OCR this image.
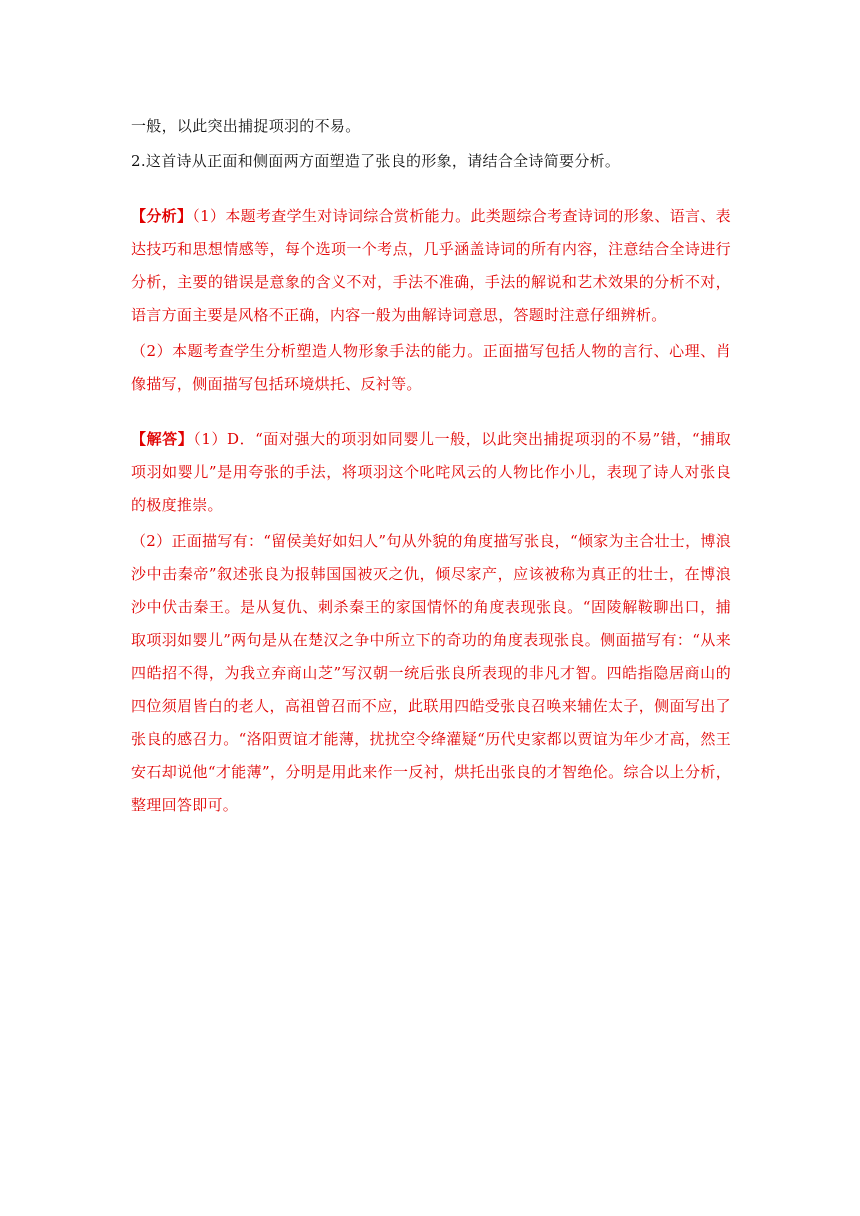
一般，以此突出捕捉项羽的不易。

2.这首诗从正面和侧面两方面塑造了张良的形象，请结合全诗简要分析。

【分析】（1）本题考查学生对诗词综合赏析能力。此类题综合考查诗词的形象、语言、表达技巧和思想情感等，每个选项一个考点，几乎涵盖诗词的所有内容，注意结合全诗进行分析，主要的错误是意象的含义不对，手法不准确，手法的解说和艺术效果的分析不对，语言方面主要是风格不正确，内容一般为曲解诗词意思，答题时注意仔细辨析。

（2）本题考查学生分析塑造人物形象手法的能力。正面描写包括人物的言行、心理、肖像描写，侧面描写包括环境烘托、反衬等。

【解答】（1）D．“面对强大的项羽如同婴儿一般，以此突出捕捉项羽的不易”错，“捕取项羽如婴儿”是用夸张的手法，将项羽这个叱咤风云的人物比作小儿，表现了诗人对张良的极度推崇。

（2）正面描写有：“留侯美好如妇人”句从外貌的角度描写张良，“倾家为主合壮士，博浪沙中击秦帝”叙述张良为报韩国国被灭之仇，倾尽家产，应该被称为真正的壮士，在博浪沙中伏击秦王。是从复仇、刺杀秦王的家国情怀的角度表现张良。“固陵解鞍聊出口，捕取项羽如婴儿”两句是从在楚汉之争中所立下的奇功的角度表现张良。侧面描写有：“从来四皓招不得，为我立弃商山芝”写汉朝一统后张良所表现的非凡才智。四皓指隐居商山的四位须眉皆白的老人，高祖曾召而不应，此联用四皓受张良召唤来辅佐太子，侧面写出了张良的感召力。“洛阳贾谊才能薄，扰扰空令绛灌疑“历代史家都以贾谊为年少才高，然王安石却说他“才能薄”，分明是用此来作一反衬，烘托出张良的才智绝伦。综合以上分析，整理回答即可。
